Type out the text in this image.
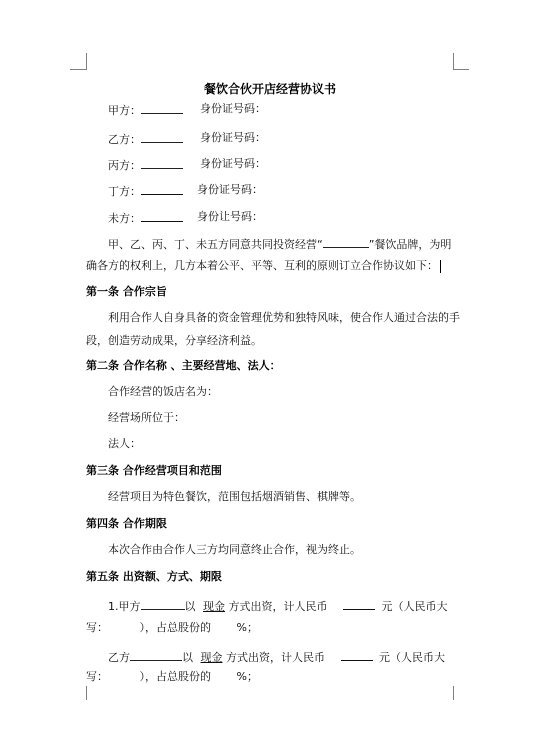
餐饮合伙开店经营协议书
甲方：	身份证号码：
乙方：	身份证号码：
丙方：	身份证号码：
丁方：	身份证号码：
未方：	身份让号码：
甲、乙、丙、丁、未五方同意共同投资经营“	”餐饮品牌，为明
确各方的权利上，几方本着公平、平等、互利的原则订立合作协议如下：
第一条 合作宗旨
利用合作人自身具备的资金管理优势和独特风味，使合作人通过合法的手
段，创造劳动成果，分享经济利益。
第二条 合作名称 、主要经营地、法人：
合作经营的饭店名为：
经营场所位于：
法人：
第三条 合作经营项目和范围
经营项目为特色餐饮，范围包括烟酒销售、棋牌等。
第四条 合作期限
本次合作由合作人三方均同意终止合作，视为终止。
第五条 出资额、方式、期限
1.甲方	以 现金 方式出资，计人民币	元（人民币大
写：	），占总股份的 %；
乙方	以 现金 方式出资，计人民币	元（人民币大
写：	），占总股份的 %；
